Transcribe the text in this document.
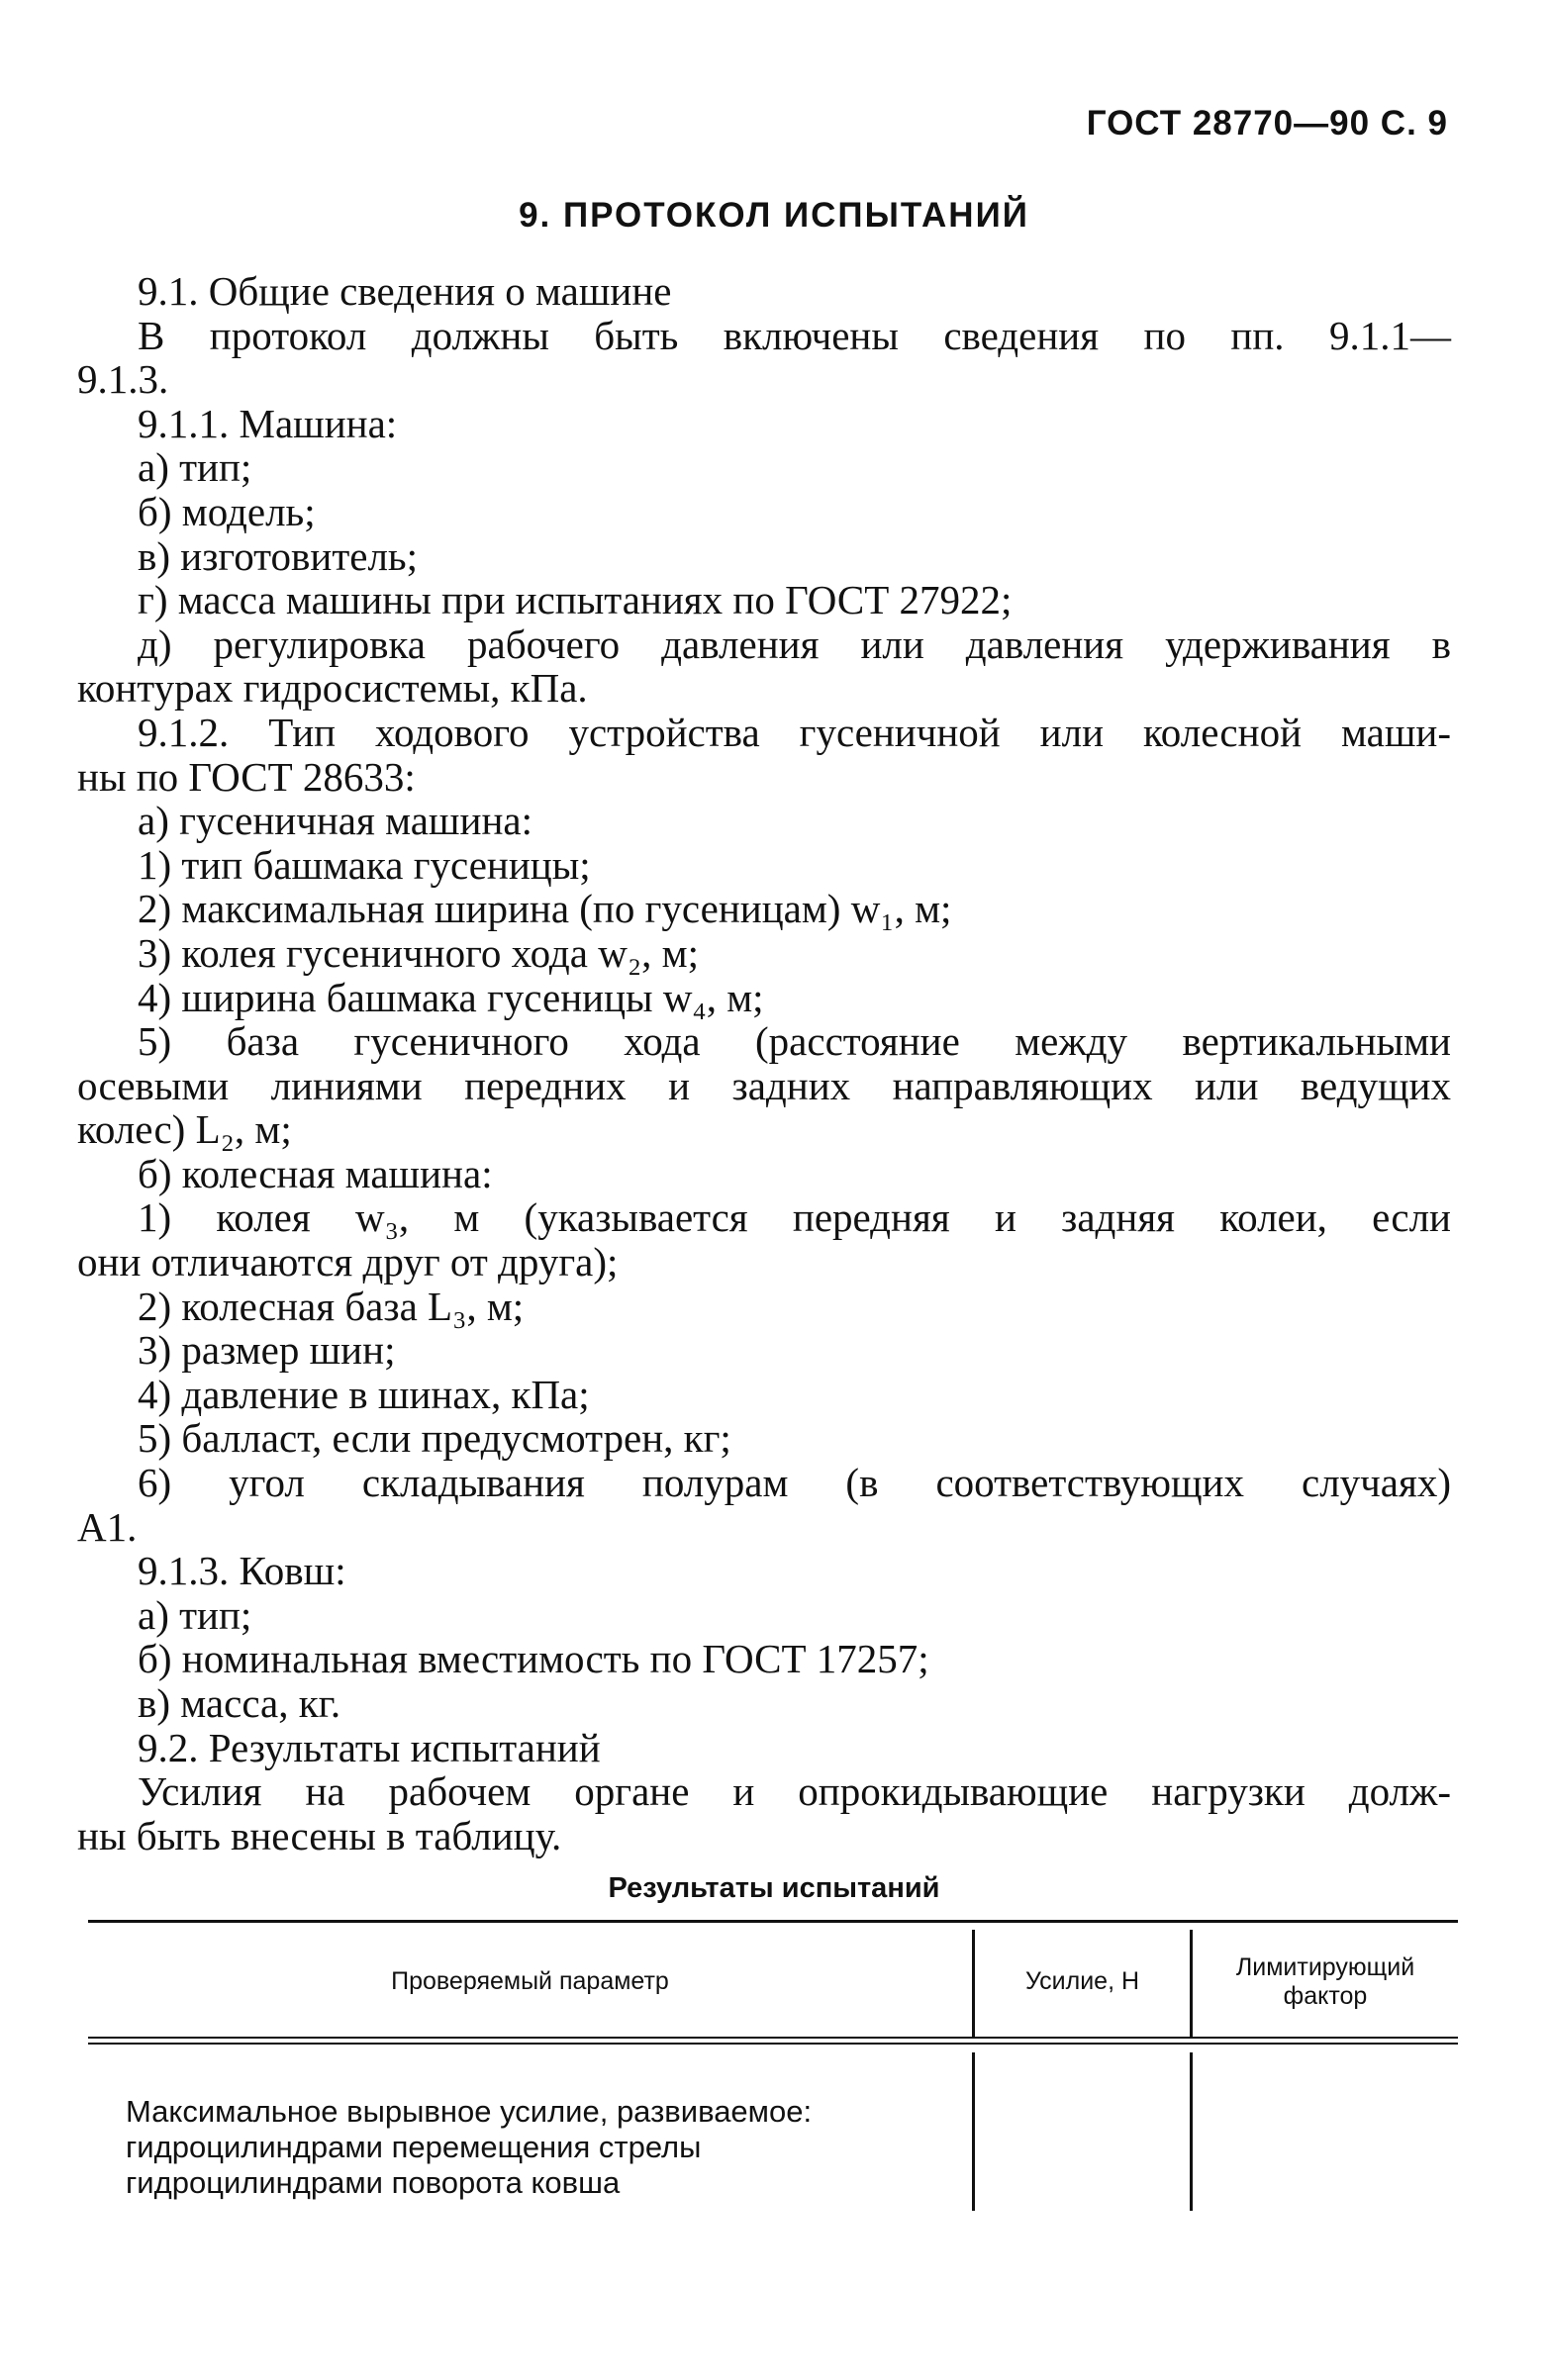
ГОСТ 28770—90 С. 9
9. ПРОТОКОЛ ИСПЫТАНИЙ
9.1. Общие сведения о машине
В протокол должны быть включены сведения по пп. 9.1.1—
9.1.3.
9.1.1. Машина:
а) тип;
б) модель;
в) изготовитель;
г) масса машины при испытаниях по ГОСТ 27922;
д) регулировка рабочего давления или давления удерживания в
контурах гидросистемы, кПа.
9.1.2. Тип ходового устройства гусеничной или колесной маши-
ны по ГОСТ 28633:
а) гусеничная машина:
1) тип башмака гусеницы;
2) максимальная ширина (по гусеницам) w₁, м;
3) колея гусеничного хода w₂, м;
4) ширина башмака гусеницы w₄, м;
5) база гусеничного хода (расстояние между вертикальными
осевыми линиями передних и задних направляющих или ведущих
колес) L₂, м;
б) колесная машина:
1) колея w₃, м (указывается передняя и задняя колеи, если
они отличаются друг от друга);
2) колесная база L₃, м;
3) размер шин;
4) давление в шинах, кПа;
5) балласт, если предусмотрен, кг;
6) угол складывания полурам (в соответствующих случаях)
А1.
9.1.3. Ковш:
а) тип;
б) номинальная вместимость по ГОСТ 17257;
в) масса, кг.
9.2. Результаты испытаний
Усилия на рабочем органе и опрокидывающие нагрузки долж-
ны быть внесены в таблицу.
Результаты испытаний
Проверяемый параметр	Усилие, Н	Лимитирующий
фактор
Максимальное вырывное усилие, развиваемое:
гидроцилиндрами перемещения стрелы
гидроцилиндрами поворота ковша
